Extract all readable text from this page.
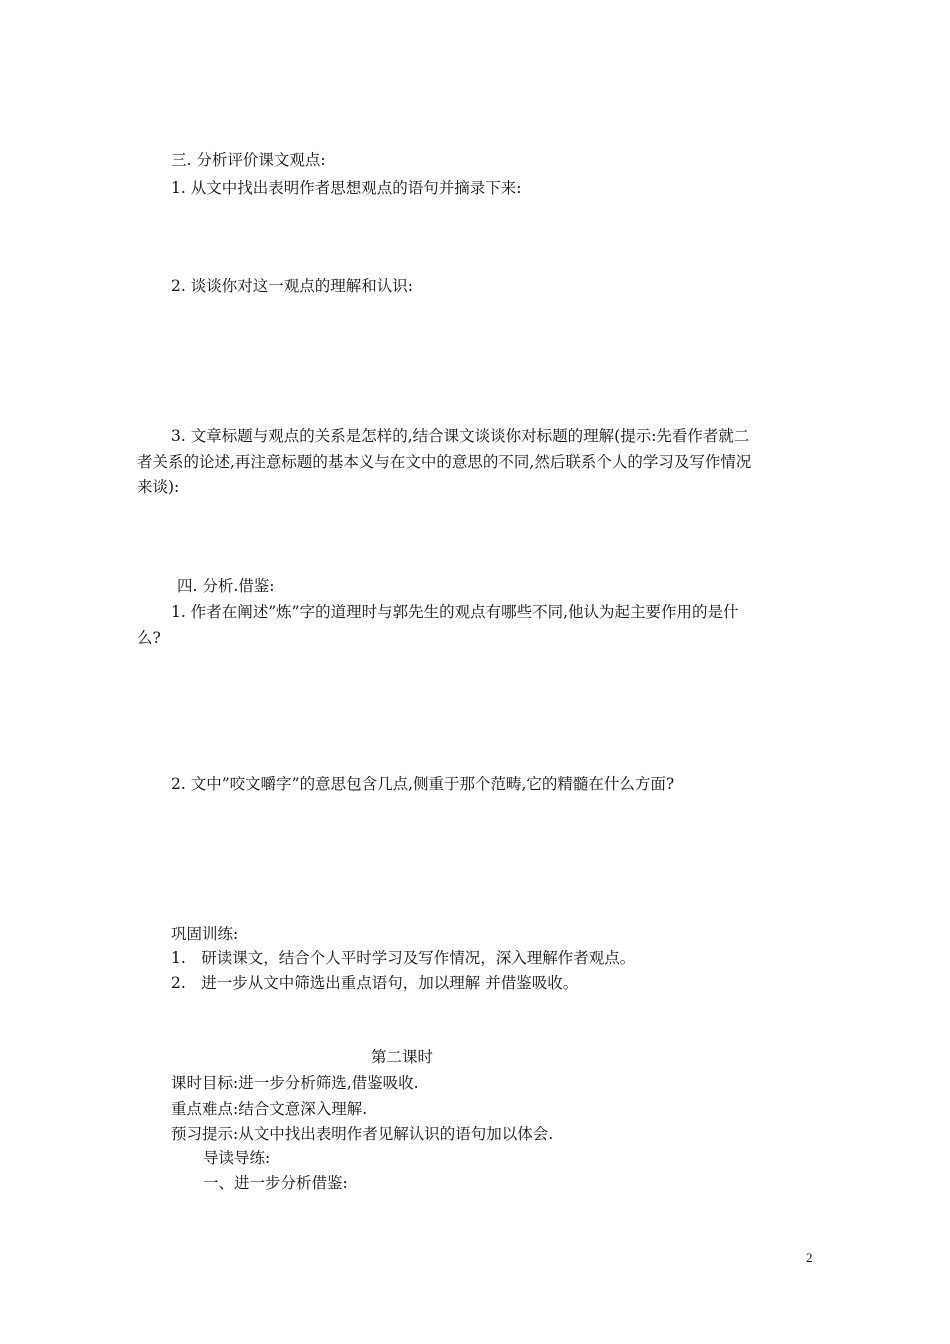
三. 分析评价课文观点:

1. 从文中找出表明作者思想观点的语句并摘录下来:

2. 谈谈你对这一观点的理解和认识:

3. 文章标题与观点的关系是怎样的,结合课文谈谈你对标题的理解(提示:先看作者就二

者关系的论述,再注意标题的基本义与在文中的意思的不同,然后联系个人的学习及写作情况

来谈):

四. 分析.借鉴:

1. 作者在阐述”炼”字的道理时与郭先生的观点有哪些不同,他认为起主要作用的是什

么?

2. 文中”咬文嚼字”的意思包含几点,侧重于那个范畴,它的精髓在什么方面?

巩固训练:

1.　研读课文，结合个人平时学习及写作情况，深入理解作者观点。

2.　进一步从文中筛选出重点语句，加以理解 并借鉴吸收。

第二课时

课时目标:进一步分析筛选,借鉴吸收.

重点难点:结合文意深入理解.

预习提示:从文中找出表明作者见解认识的语句加以体会.

导读导练:

一、进一步分析借鉴:

2
